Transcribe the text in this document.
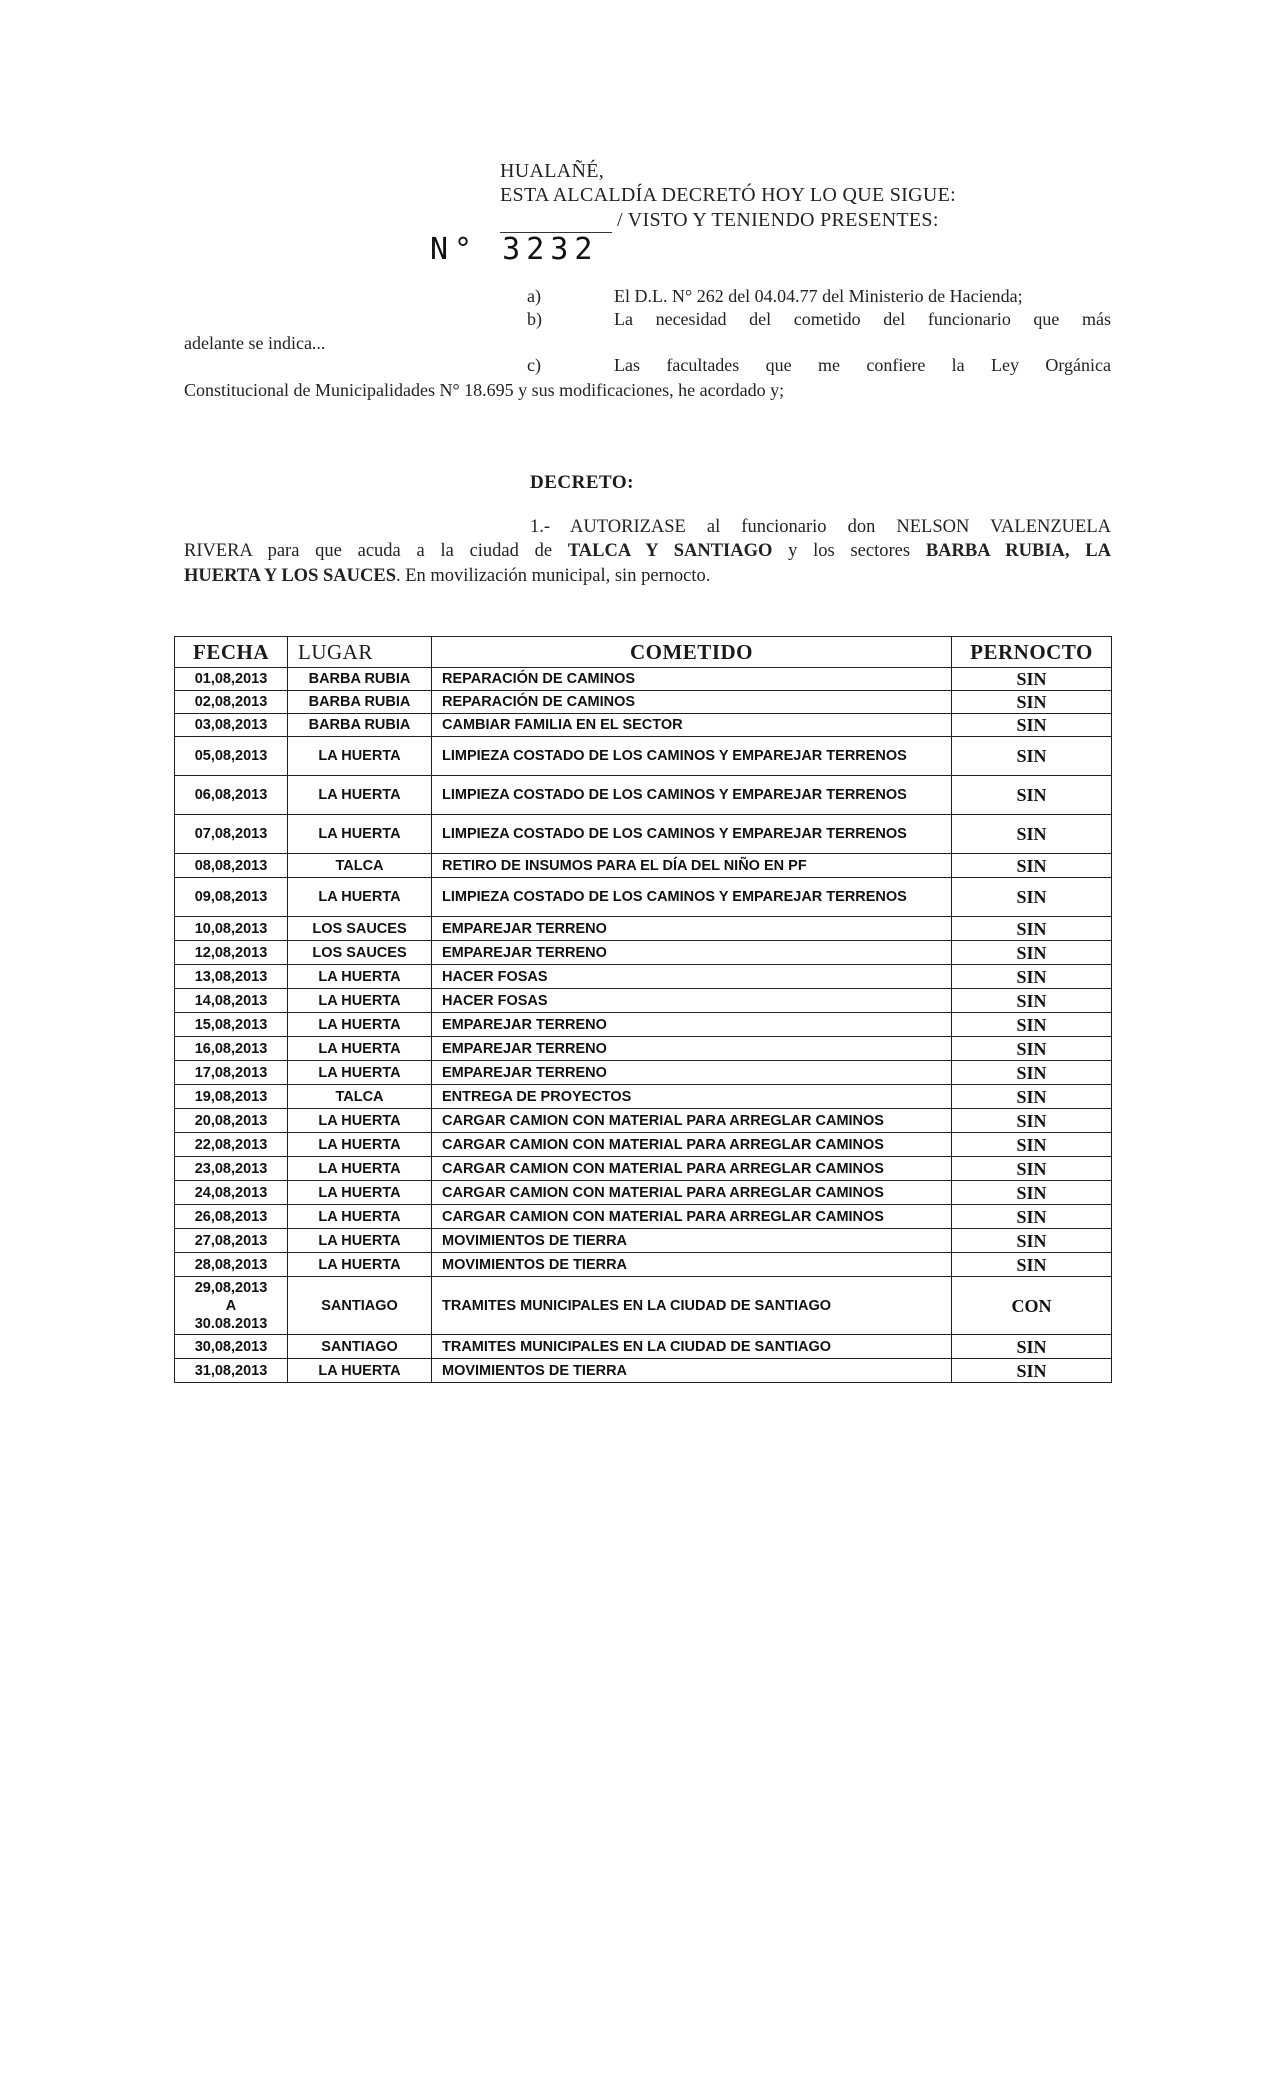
HUALAÑÉ,
ESTA ALCALDÍA DECRETÓ HOY LO QUE SIGUE:
/ VISTO Y TENIENDO PRESENTES:
N° 3232
a)	El D.L. N° 262 del 04.04.77 del Ministerio de Hacienda;
b)	La necesidad del cometido del funcionario que más
adelante se indica...
c)	Las facultades que me confiere la Ley Orgánica
Constitucional de Municipalidades N° 18.695 y sus modificaciones, he acordado y;
DECRETO:
1.- AUTORIZASE al funcionario don NELSON VALENZUELA
RIVERA para que acuda a la ciudad de TALCA Y SANTIAGO y los sectores BARBA RUBIA, LA
HUERTA Y LOS SAUCES. En movilización municipal, sin pernocto.
FECHA	LUGAR	COMETIDO	PERNOCTO
01,08,2013	BARBA RUBIA	REPARACIÓN DE CAMINOS	SIN
02,08,2013	BARBA RUBIA	REPARACIÓN DE CAMINOS	SIN
03,08,2013	BARBA RUBIA	CAMBIAR FAMILIA EN EL SECTOR	SIN
05,08,2013	LA HUERTA	LIMPIEZA COSTADO DE LOS CAMINOS Y EMPAREJAR TERRENOS	SIN
06,08,2013	LA HUERTA	LIMPIEZA COSTADO DE LOS CAMINOS Y EMPAREJAR TERRENOS	SIN
07,08,2013	LA HUERTA	LIMPIEZA COSTADO DE LOS CAMINOS Y EMPAREJAR TERRENOS	SIN
08,08,2013	TALCA	RETIRO DE INSUMOS PARA EL DÍA DEL NIÑO EN PF	SIN
09,08,2013	LA HUERTA	LIMPIEZA COSTADO DE LOS CAMINOS Y EMPAREJAR TERRENOS	SIN
10,08,2013	LOS SAUCES	EMPAREJAR TERRENO	SIN
12,08,2013	LOS SAUCES	EMPAREJAR TERRENO	SIN
13,08,2013	LA HUERTA	HACER FOSAS	SIN
14,08,2013	LA HUERTA	HACER FOSAS	SIN
15,08,2013	LA HUERTA	EMPAREJAR TERRENO	SIN
16,08,2013	LA HUERTA	EMPAREJAR TERRENO	SIN
17,08,2013	LA HUERTA	EMPAREJAR TERRENO	SIN
19,08,2013	TALCA	ENTREGA DE PROYECTOS	SIN
20,08,2013	LA HUERTA	CARGAR CAMION CON MATERIAL PARA ARREGLAR CAMINOS	SIN
22,08,2013	LA HUERTA	CARGAR CAMION CON MATERIAL PARA ARREGLAR CAMINOS	SIN
23,08,2013	LA HUERTA	CARGAR CAMION CON MATERIAL PARA ARREGLAR CAMINOS	SIN
24,08,2013	LA HUERTA	CARGAR CAMION CON MATERIAL PARA ARREGLAR CAMINOS	SIN
26,08,2013	LA HUERTA	CARGAR CAMION CON MATERIAL PARA ARREGLAR CAMINOS	SIN
27,08,2013	LA HUERTA	MOVIMIENTOS DE TIERRA	SIN
28,08,2013	LA HUERTA	MOVIMIENTOS DE TIERRA	SIN

29,08,2013
A
30.08.2013	SANTIAGO	TRAMITES MUNICIPALES EN LA CIUDAD DE SANTIAGO	CON
30,08,2013	SANTIAGO	TRAMITES MUNICIPALES EN LA CIUDAD DE SANTIAGO	SIN
31,08,2013	LA HUERTA	MOVIMIENTOS DE TIERRA	SIN
